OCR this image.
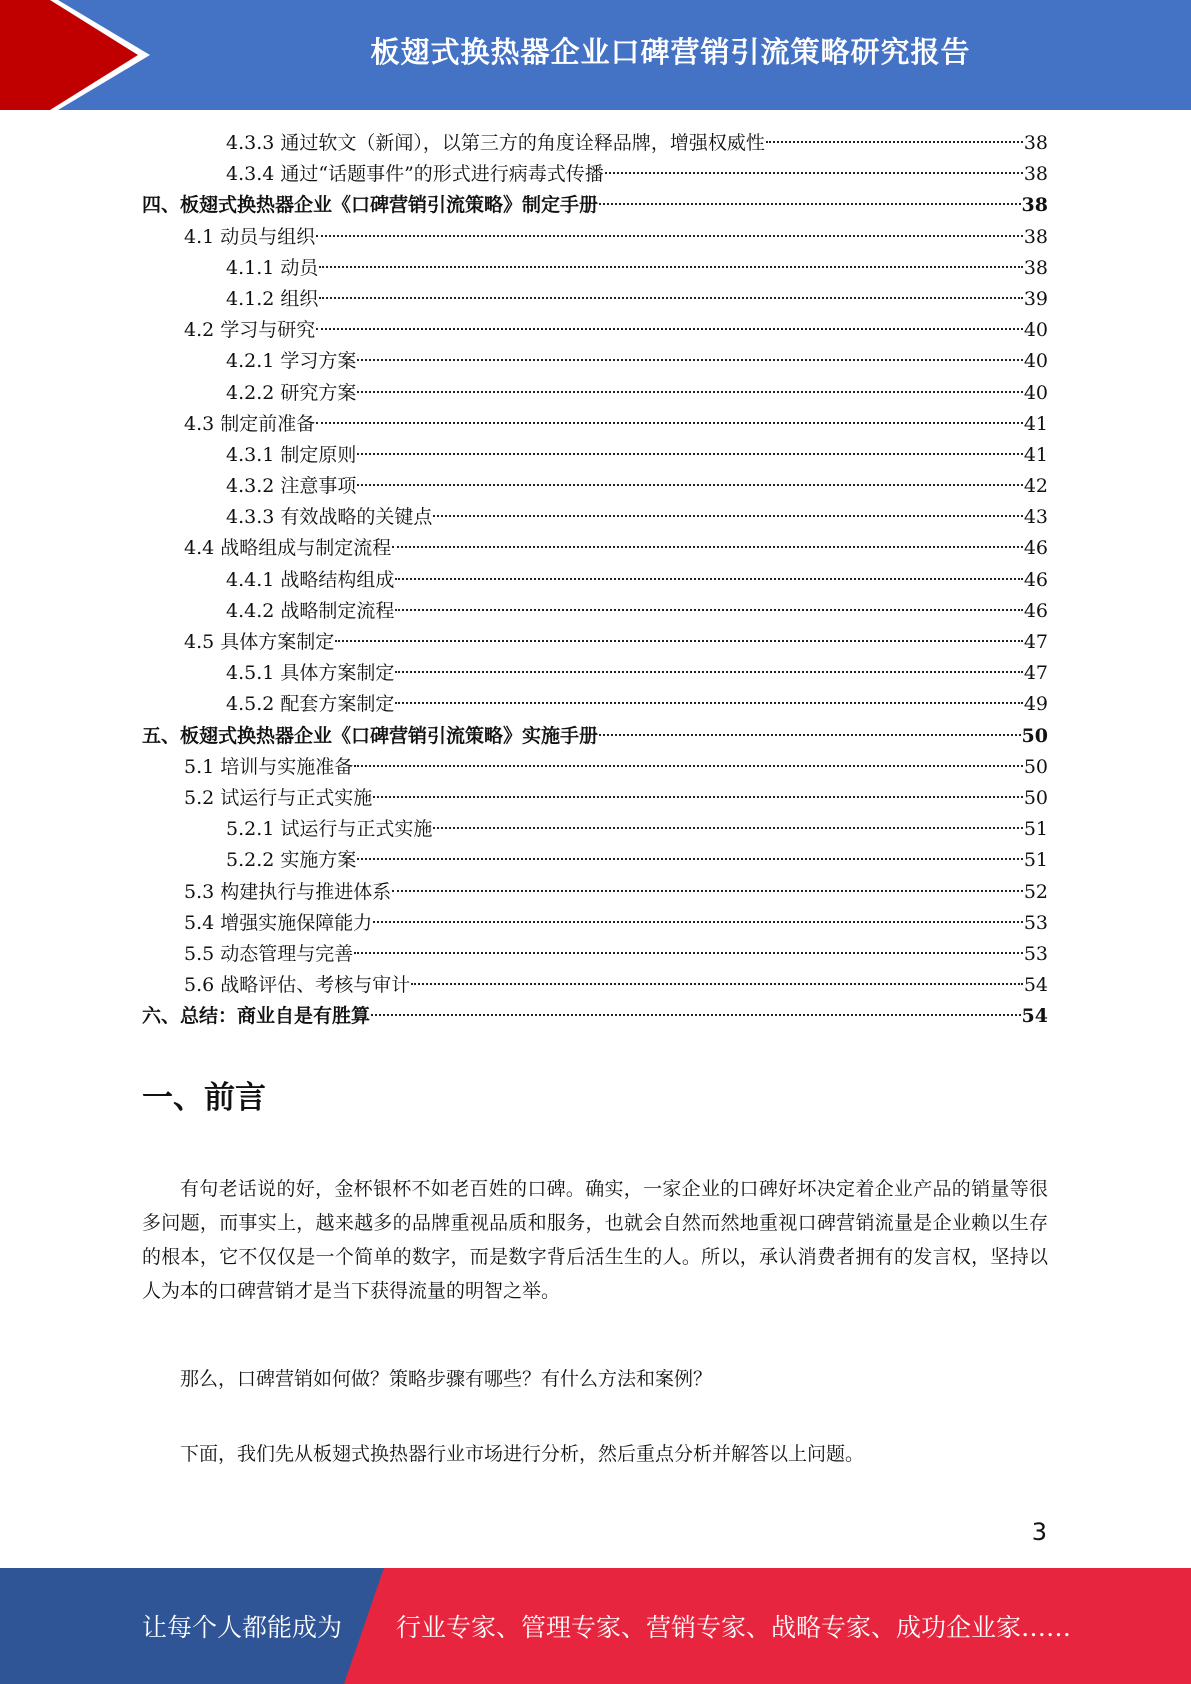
板翅式换热器企业口碑营销引流策略研究报告
4.3.3 通过软文（新闻），以第三方的角度诠释品牌，增强权威性	38
4.3.4 通过“话题事件”的形式进行病毒式传播	38
四、板翅式换热器企业《口碑营销引流策略》制定手册	38
4.1 动员与组织	38
4.1.1 动员	38
4.1.2 组织	39
4.2 学习与研究	40
4.2.1 学习方案	40
4.2.2 研究方案	40
4.3 制定前准备	41
4.3.1 制定原则	41
4.3.2 注意事项	42
4.3.3 有效战略的关键点	43
4.4 战略组成与制定流程	46
4.4.1 战略结构组成	46
4.4.2 战略制定流程	46
4.5 具体方案制定	47
4.5.1 具体方案制定	47
4.5.2 配套方案制定	49
五、板翅式换热器企业《口碑营销引流策略》实施手册	50
5.1 培训与实施准备	50
5.2 试运行与正式实施	50
5.2.1 试运行与正式实施	51
5.2.2 实施方案	51
5.3 构建执行与推进体系	52
5.4 增强实施保障能力	53
5.5 动态管理与完善	53
5.6 战略评估、考核与审计	54
六、总结：商业自是有胜算	54
一、前言

有句老话说的好，金杯银杯不如老百姓的口碑。确实，一家企业的口碑好坏决定着企业产品的销量等很多问题，而事实上，越来越多的品牌重视品质和服务，也就会自然而然地重视口碑营销流量是企业赖以生存的根本，它不仅仅是一个简单的数字，而是数字背后活生生的人。所以，承认消费者拥有的发言权，坚持以人为本的口碑营销才是当下获得流量的明智之举。

那么，口碑营销如何做？策略步骤有哪些？有什么方法和案例？

下面，我们先从板翅式换热器行业市场进行分析，然后重点分析并解答以上问题。

3
让每个人都能成为 行业专家、管理专家、营销专家、战略专家、成功企业家……
